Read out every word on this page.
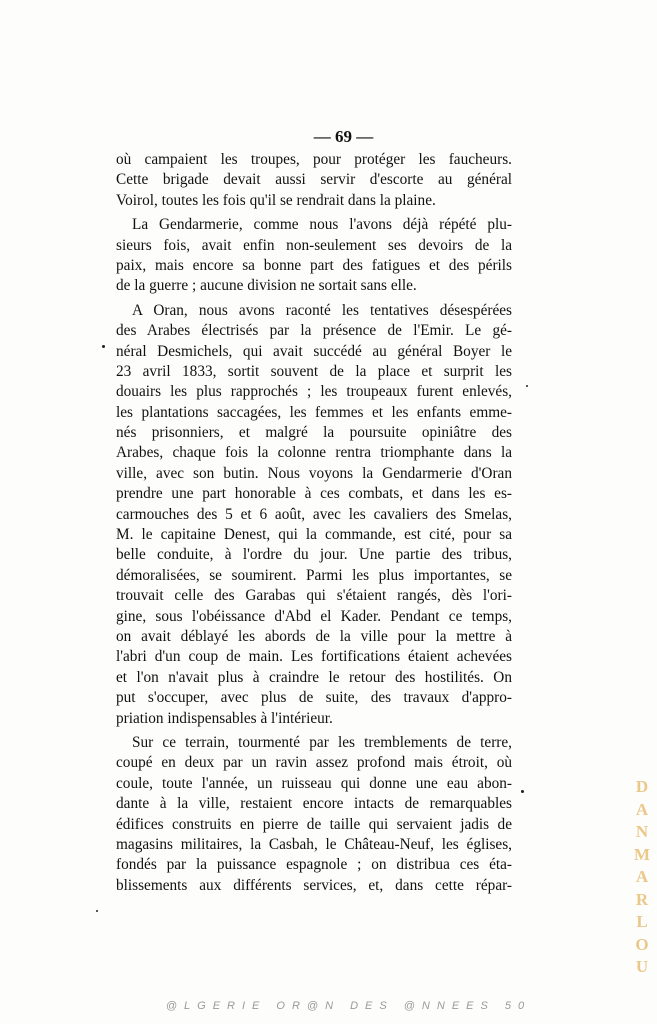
— 69 —
où campaient les troupes, pour protéger les faucheurs.
Cette brigade devait aussi servir d'escorte au général
Voirol, toutes les fois qu'il se rendrait dans la plaine.
La Gendarmerie, comme nous l'avons déjà répété plu-
sieurs fois, avait enfin non-seulement ses devoirs de la
paix, mais encore sa bonne part des fatigues et des périls
de la guerre ; aucune division ne sortait sans elle.
A Oran, nous avons raconté les tentatives désespérées
des Arabes électrisés par la présence de l'Emir. Le gé-
néral Desmichels, qui avait succédé au général Boyer le
23 avril 1833, sortit souvent de la place et surprit les
douairs les plus rapprochés ; les troupeaux furent enlevés,
les plantations saccagées, les femmes et les enfants emme-
nés prisonniers, et malgré la poursuite opiniâtre des
Arabes, chaque fois la colonne rentra triomphante dans la
ville, avec son butin. Nous voyons la Gendarmerie d'Oran
prendre une part honorable à ces combats, et dans les es-
carmouches des 5 et 6 août, avec les cavaliers des Smelas,
M. le capitaine Denest, qui la commande, est cité, pour sa
belle conduite, à l'ordre du jour. Une partie des tribus,
démoralisées, se soumirent. Parmi les plus importantes, se
trouvait celle des Garabas qui s'étaient rangés, dès l'ori-
gine, sous l'obéissance d'Abd el Kader. Pendant ce temps,
on avait déblayé les abords de la ville pour la mettre à
l'abri d'un coup de main. Les fortifications étaient achevées
et l'on n'avait plus à craindre le retour des hostilités. On
put s'occuper, avec plus de suite, des travaux d'appro-
priation indispensables à l'intérieur.
Sur ce terrain, tourmenté par les tremblements de terre,
coupé en deux par un ravin assez profond mais étroit, où
coule, toute l'année, un ruisseau qui donne une eau abon-
dante à la ville, restaient encore intacts de remarquables
édifices construits en pierre de taille qui servaient jadis de
magasins militaires, la Casbah, le Château-Neuf, les églises,
fondés par la puissance espagnole ; on distribua ces éta-
blissements aux différents services, et, dans cette répar-
D
A
N
M
A
R
L
O
U
@LGERIE OR@N DES @NNEES 50
